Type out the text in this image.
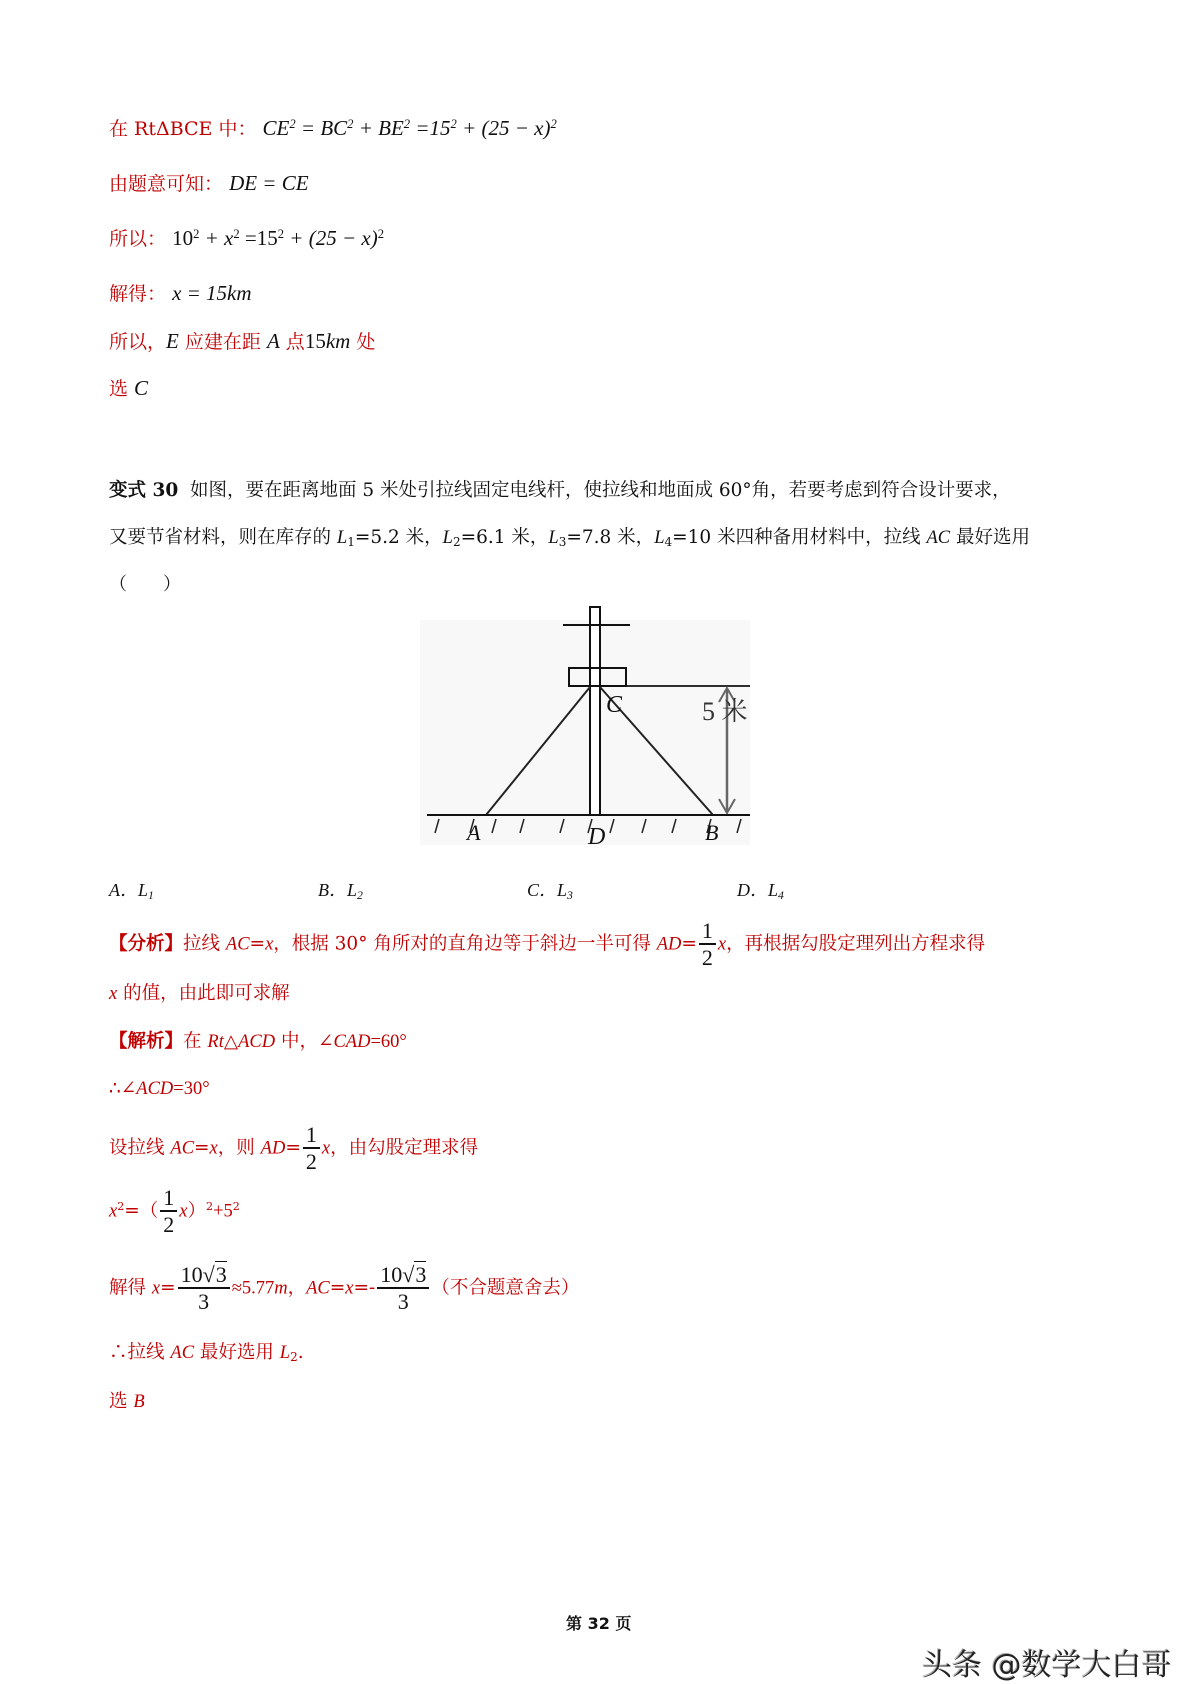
在 RtΔBCE 中： $CE^2 = BC^2 + BE^2 =15^2 + (25 - x)^2$
由题意可知： DE = CE
所以： $10^2 + x^2 =15^2 + (25 - x)^2$
解得： x = 15km
所以，E 应建在距 A 点15km 处
选 C
变式 30 如图，要在距离地面 5 米处引拉线固定电线杆，使拉线和地面成 60°角，若要考虑到符合设计要求，
又要节省材料，则在库存的 $L_1=5.2$ 米，$L_2=6.1$ 米，$L_3=7.8$ 米，$L_4=10$ 米四种备用材料中，拉线 AC 最好选用
（　　）
5 米
C
A	D	B
A．$L_1$	B．$L_2$	C．$L_3$	D．$L_4$
【分析】拉线 AC=x，根据 30° 角所对的直角边等于斜边一半可得 $AD= \frac{1}{2}$ x，再根据勾股定理列出方程求得
x 的值，由此即可求解
【解析】在 Rt△ACD 中，∠CAD=60°
∴∠ACD=30°
设拉线 AC=x，则 $AD= \frac{1}{2}$ x，由勾股定理求得
$x^2=( \frac{1}{2} x)^2+5^2$
解得 $x= \frac{10√3}{3} \approx 5.77m$，$AC=x=- \frac{10√3}{3}$ （不合题意舍去）
∴拉线 AC 最好选用 $L_2$.
选 B
第 32 页
头条 @数学大白哥
